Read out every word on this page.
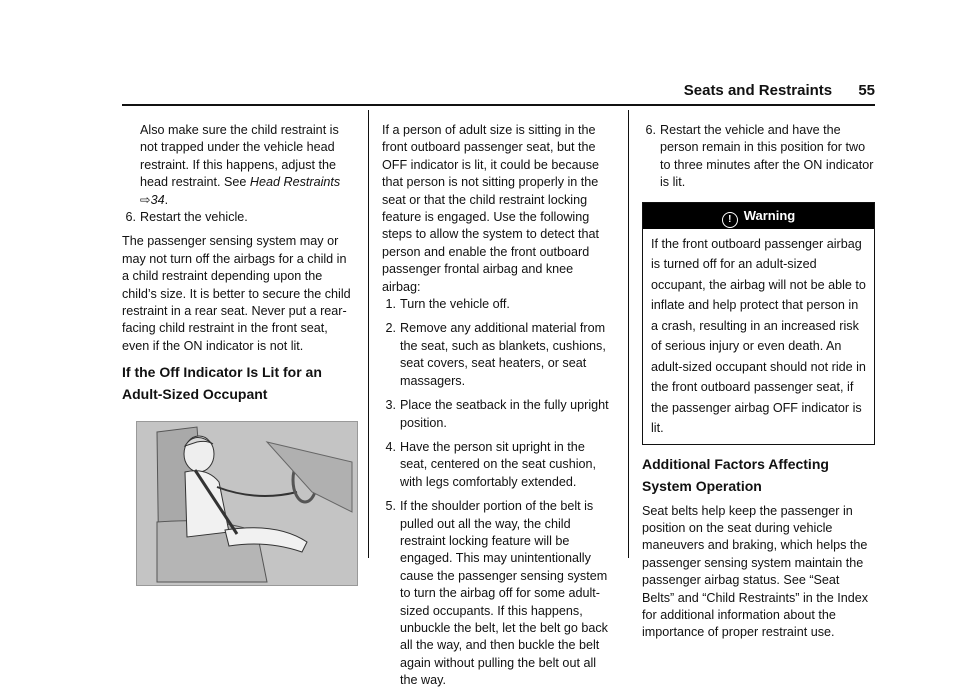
Seats and Restraints 55

Also make sure the child restraint is not trapped under the vehicle head restraint. If this happens, adjust the head restraint. See Head Restraints ⇨34.

6. Restart the vehicle.

The passenger sensing system may or may not turn off the airbags for a child in a child restraint depending upon the child’s size. It is better to secure the child restraint in a rear seat. Never put a rear-facing child restraint in the front seat, even if the ON indicator is not lit.

If the Off Indicator Is Lit for an Adult-Sized Occupant

If a person of adult size is sitting in the front outboard passenger seat, but the OFF indicator is lit, it could be because that person is not sitting properly in the seat or that the child restraint locking feature is engaged. Use the following steps to allow the system to detect that person and enable the front outboard passenger frontal airbag and knee airbag:

1. Turn the vehicle off.
2. Remove any additional material from the seat, such as blankets, cushions, seat covers, seat heaters, or seat massagers.
3. Place the seatback in the fully upright position.
4. Have the person sit upright in the seat, centered on the seat cushion, with legs comfortably extended.
5. If the shoulder portion of the belt is pulled out all the way, the child restraint locking feature will be engaged. This may unintentionally cause the passenger sensing system to turn the airbag off for some adult-sized occupants. If this happens, unbuckle the belt, let the belt go back all the way, and then buckle the belt again without pulling the belt out all the way.
6. Restart the vehicle and have the person remain in this position for two to three minutes after the ON indicator is lit.
! Warning
If the front outboard passenger airbag is turned off for an adult-sized occupant, the airbag will not be able to inflate and help protect that person in a crash, resulting in an increased risk of serious injury or even death. An adult-sized occupant should not ride in the front outboard passenger seat, if the passenger airbag OFF indicator is lit.
Additional Factors Affecting System Operation

Seat belts help keep the passenger in position on the seat during vehicle maneuvers and braking, which helps the passenger sensing system maintain the passenger airbag status. See “Seat Belts” and “Child Restraints” in the Index for additional information about the importance of proper restraint use.
